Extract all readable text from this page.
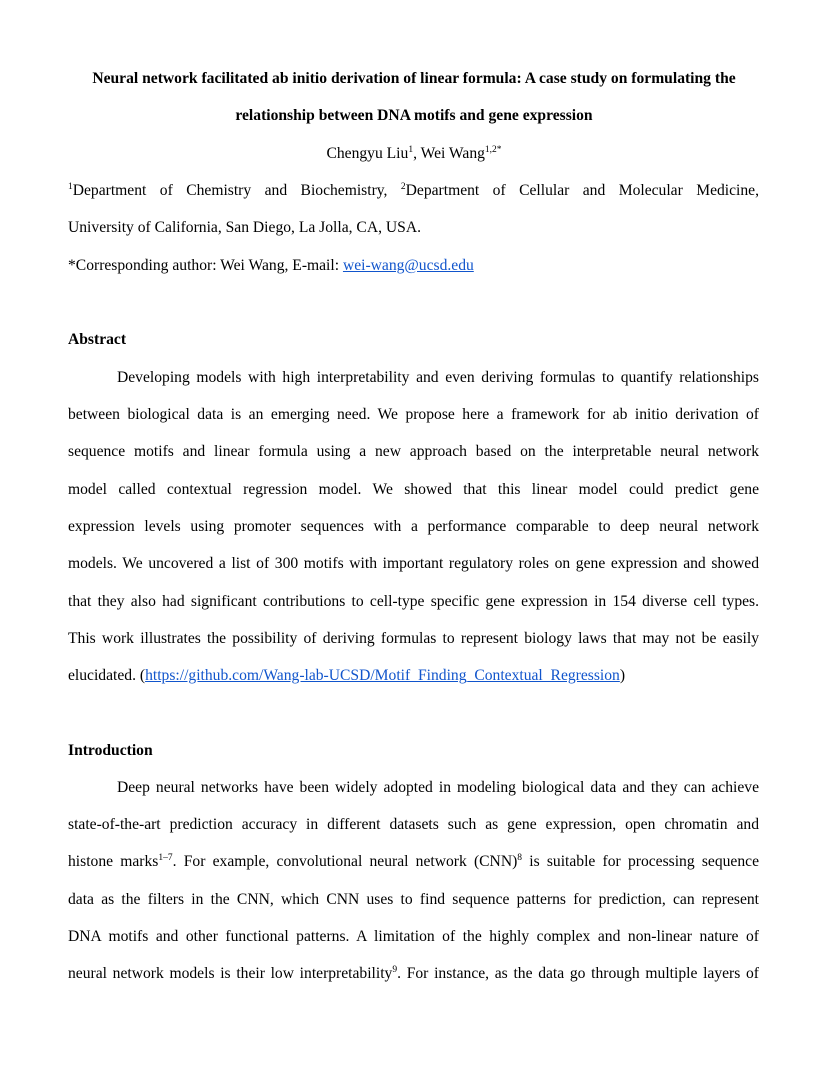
Neural network facilitated ab initio derivation of linear formula: A case study on formulating the
relationship between DNA motifs and gene expression
Chengyu Liu$^1$, Wei Wang$^{1,2*}$
$^1$Department of Chemistry and Biochemistry, $^2$Department of Cellular and Molecular Medicine,
University of California, San Diego, La Jolla, CA, USA.
*Corresponding author: Wei Wang, E-mail: wei-wang@ucsd.edu
Abstract
Developing models with high interpretability and even deriving formulas to quantify relationships
between biological data is an emerging need. We propose here a framework for ab initio derivation of
sequence motifs and linear formula using a new approach based on the interpretable neural network
model called contextual regression model. We showed that this linear model could predict gene
expression levels using promoter sequences with a performance comparable to deep neural network
models. We uncovered a list of 300 motifs with important regulatory roles on gene expression and showed
that they also had significant contributions to cell-type specific gene expression in 154 diverse cell types.
This work illustrates the possibility of deriving formulas to represent biology laws that may not be easily
elucidated. (https://github.com/Wang-lab-UCSD/Motif_Finding_Contextual_Regression)
Introduction
Deep neural networks have been widely adopted in modeling biological data and they can achieve
state-of-the-art prediction accuracy in different datasets such as gene expression, open chromatin and
histone marks$^{1-7}$. For example, convolutional neural network (CNN)$^8$ is suitable for processing sequence
data as the filters in the CNN, which CNN uses to find sequence patterns for prediction, can represent
DNA motifs and other functional patterns. A limitation of the highly complex and non-linear nature of
neural network models is their low interpretability$^9$. For instance, as the data go through multiple layers of
